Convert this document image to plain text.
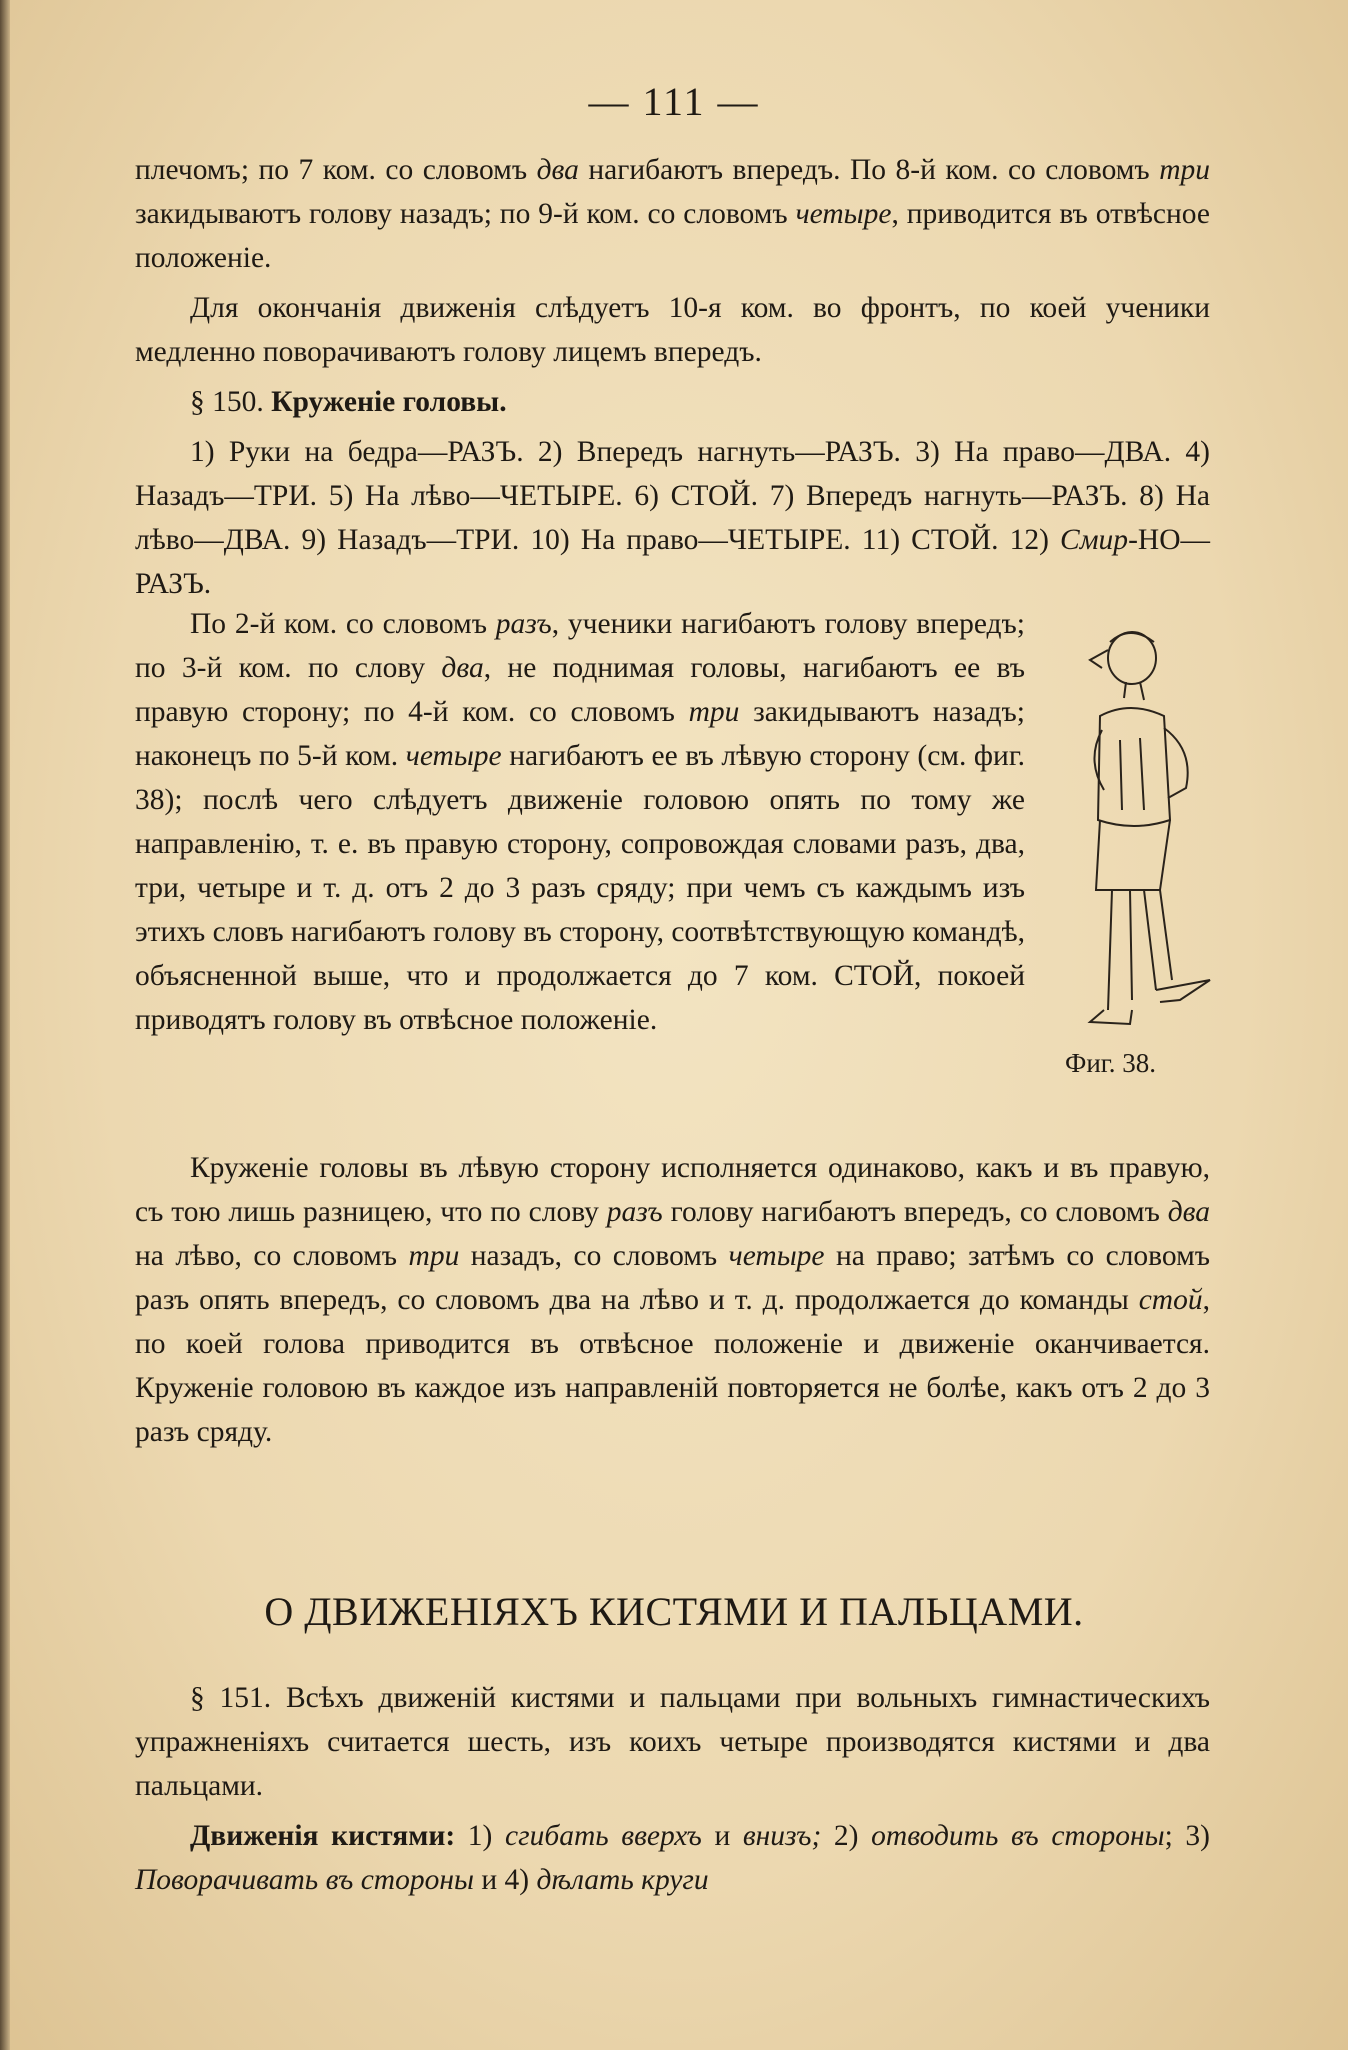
— 111 —

плечомъ; по 7 ком. со словомъ два нагибаютъ впередъ. По 8-й ком. со словомъ три закидываютъ голову назадъ; по 9-й ком. со словомъ четыре, приводится въ отвѣсное положеніе.

Для окончанія движенія слѣдуетъ 10-я ком. во фронтъ, по коей ученики медленно поворачиваютъ голову лицемъ впередъ.

§ 150. Круженіе головы.

1) Руки на бедра—РАЗЪ. 2) Впередъ нагнуть—РАЗЪ. 3) На право—ДВА. 4) Назадъ—ТРИ. 5) На лѣво—ЧЕТЫРЕ. 6) СТОЙ. 7) Впередъ нагнуть—РАЗЪ. 8) На лѣво—ДВА. 9) Назадъ—ТРИ. 10) На право—ЧЕТЫРЕ. 11) СТОЙ. 12) Смир-НО—РАЗЪ.

По 2-й ком. со словомъ разъ, ученики нагибаютъ голову впередъ; по 3-й ком. по слову два, не поднимая головы, нагибаютъ ее въ правую сторону; по 4-й ком. со словомъ три закидываютъ назадъ; наконецъ по 5-й ком. четыре нагибаютъ ее въ лѣвую сторону (см. фиг. 38); послѣ чего слѣдуетъ движеніе головою опять по тому же направленію, т. е. въ правую сторону, сопровождая словами разъ, два, три, четыре и т. д. отъ 2 до 3 разъ сряду; при чемъ съ каждымъ изъ этихъ словъ нагибаютъ голову въ сторону, соотвѣтствующую командѣ, объясненной выше, что и продолжается до 7 ком. СТОЙ, покоей приводятъ голову въ отвѣсное положеніе.

Фиг. 38.

Круженіе головы въ лѣвую сторону исполняется одинаково, какъ и въ правую, съ тою лишь разницею, что по слову разъ голову нагибаютъ впередъ, со словомъ два на лѣво, со словомъ три назадъ, со словомъ четыре на право; затѣмъ со словомъ разъ опять впередъ, со словомъ два на лѣво и т. д. продолжается до команды стой, по коей голова приводится въ отвѣсное положеніе и движеніе оканчивается. Круженіе головою въ каждое изъ направленій повторяется не болѣе, какъ отъ 2 до 3 разъ сряду.

О ДВИЖЕНІЯХЪ КИСТЯМИ И ПАЛЬЦАМИ.

§ 151. Всѣхъ движеній кистями и пальцами при вольныхъ гимнастическихъ упражненіяхъ считается шесть, изъ коихъ четыре производятся кистями и два пальцами.

Движенія кистями: 1) сгибать вверхъ и внизъ; 2) отводить въ стороны; 3) Поворачивать въ стороны и 4) дѣлать круги
